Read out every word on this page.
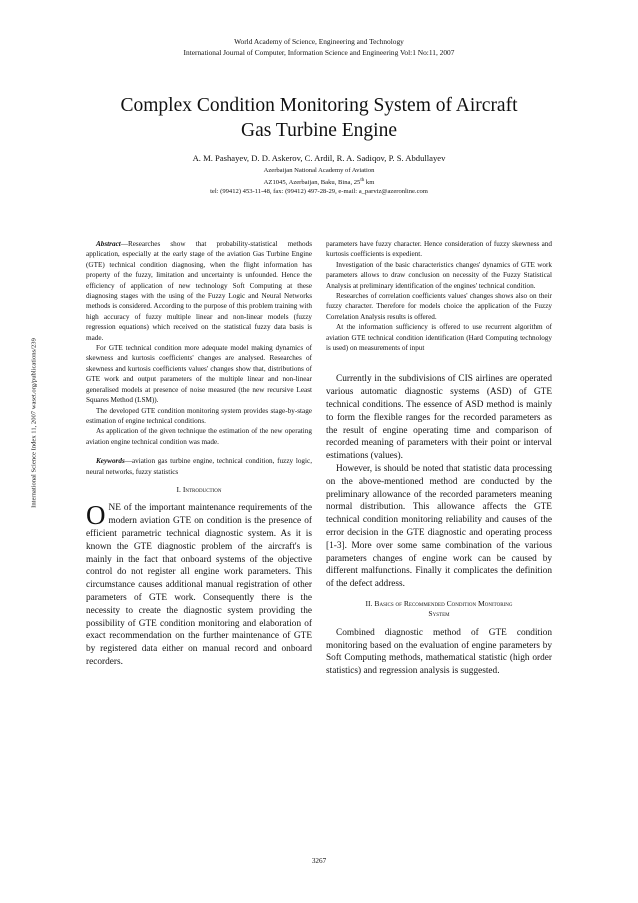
World Academy of Science, Engineering and Technology
International Journal of Computer, Information Science and Engineering Vol:1 No:11, 2007
Complex Condition Monitoring System of Aircraft
Gas Turbine Engine
A. M. Pashayev, D. D. Askerov, C. Ardil, R. A. Sadiqov, P. S. Abdullayev
Azerbaijan National Academy of Aviation
AZ1045, Azerbaijan, Baku, Bina, 25th km
tel: (99412) 453-11-48, fax: (99412) 497-28-29, e-mail: a_parviz@azeronline.com
International Science Index 11, 2007 waset.org/publications/239

Abstract—Researches show that probability-statistical methods application, especially at the early stage of the aviation Gas Turbine Engine (GTE) technical condition diagnosing, when the flight information has property of the fuzzy, limitation and uncertainty is unfounded. Hence the efficiency of application of new technology Soft Computing at these diagnosing stages with the using of the Fuzzy Logic and Neural Networks methods is considered. According to the purpose of this problem training with high accuracy of fuzzy multiple linear and non-linear models (fuzzy regression equations) which received on the statistical fuzzy data basis is made.

For GTE technical condition more adequate model making dynamics of skewness and kurtosis coefficients' changes are analysed. Researches of skewness and kurtosis coefficients values' changes show that, distributions of GTE work and output parameters of the multiple linear and non-linear generalised models at presence of noise measured (the new recursive Least Squares Method (LSM)).

The developed GTE condition monitoring system provides stage-by-stage estimation of engine technical conditions.

As application of the given technique the estimation of the new operating aviation engine technical condition was made.

Keywords—aviation gas turbine engine, technical condition, fuzzy logic, neural networks, fuzzy statistics

I. Introduction

ONE of the important maintenance requirements of the modern aviation GTE on condition is the presence of efficient parametric technical diagnostic system. As it is known the GTE diagnostic problem of the aircraft's is mainly in the fact that onboard systems of the objective control do not register all engine work parameters. This circumstance causes additional manual registration of other parameters of GTE work. Consequently there is the necessity to create the diagnostic system providing the possibility of GTE condition monitoring and elaboration of exact recommendation on the further maintenance of GTE by registered data either on manual record and onboard recorders.

parameters have fuzzy character. Hence consideration of fuzzy skewness and kurtosis coefficients is expedient.

Investigation of the basic characteristics changes' dynamics of GTE work parameters allows to draw conclusion on necessity of the Fuzzy Statistical Analysis at preliminary identification of the engines' technical condition.

Researches of correlation coefficients values' changes shows also on their fuzzy character. Therefore for models choice the application of the Fuzzy Correlation Analysis results is offered.

At the information sufficiency is offered to use recurrent algorithm of aviation GTE technical condition identification (Hard Computing technology is used) on measurements of input

Currently in the subdivisions of CIS airlines are operated various automatic diagnostic systems (ASD) of GTE technical conditions. The essence of ASD method is mainly to form the flexible ranges for the recorded parameters as the result of engine operating time and comparison of recorded meaning of parameters with their point or interval estimations (values).

However, is should be noted that statistic data processing on the above-mentioned method are conducted by the preliminary allowance of the recorded parameters meaning normal distribution. This allowance affects the GTE technical condition monitoring reliability and causes of the error decision in the GTE diagnostic and operating process [1-3]. More over some same combination of the various parameters changes of engine work can be caused by different malfunctions. Finally it complicates the definition of the defect address.

II. Basics of Recommended Condition Monitoring
System

Combined diagnostic method of GTE condition monitoring based on the evaluation of engine parameters by Soft Computing methods, mathematical statistic (high order statistics) and regression analysis is suggested.

3267
